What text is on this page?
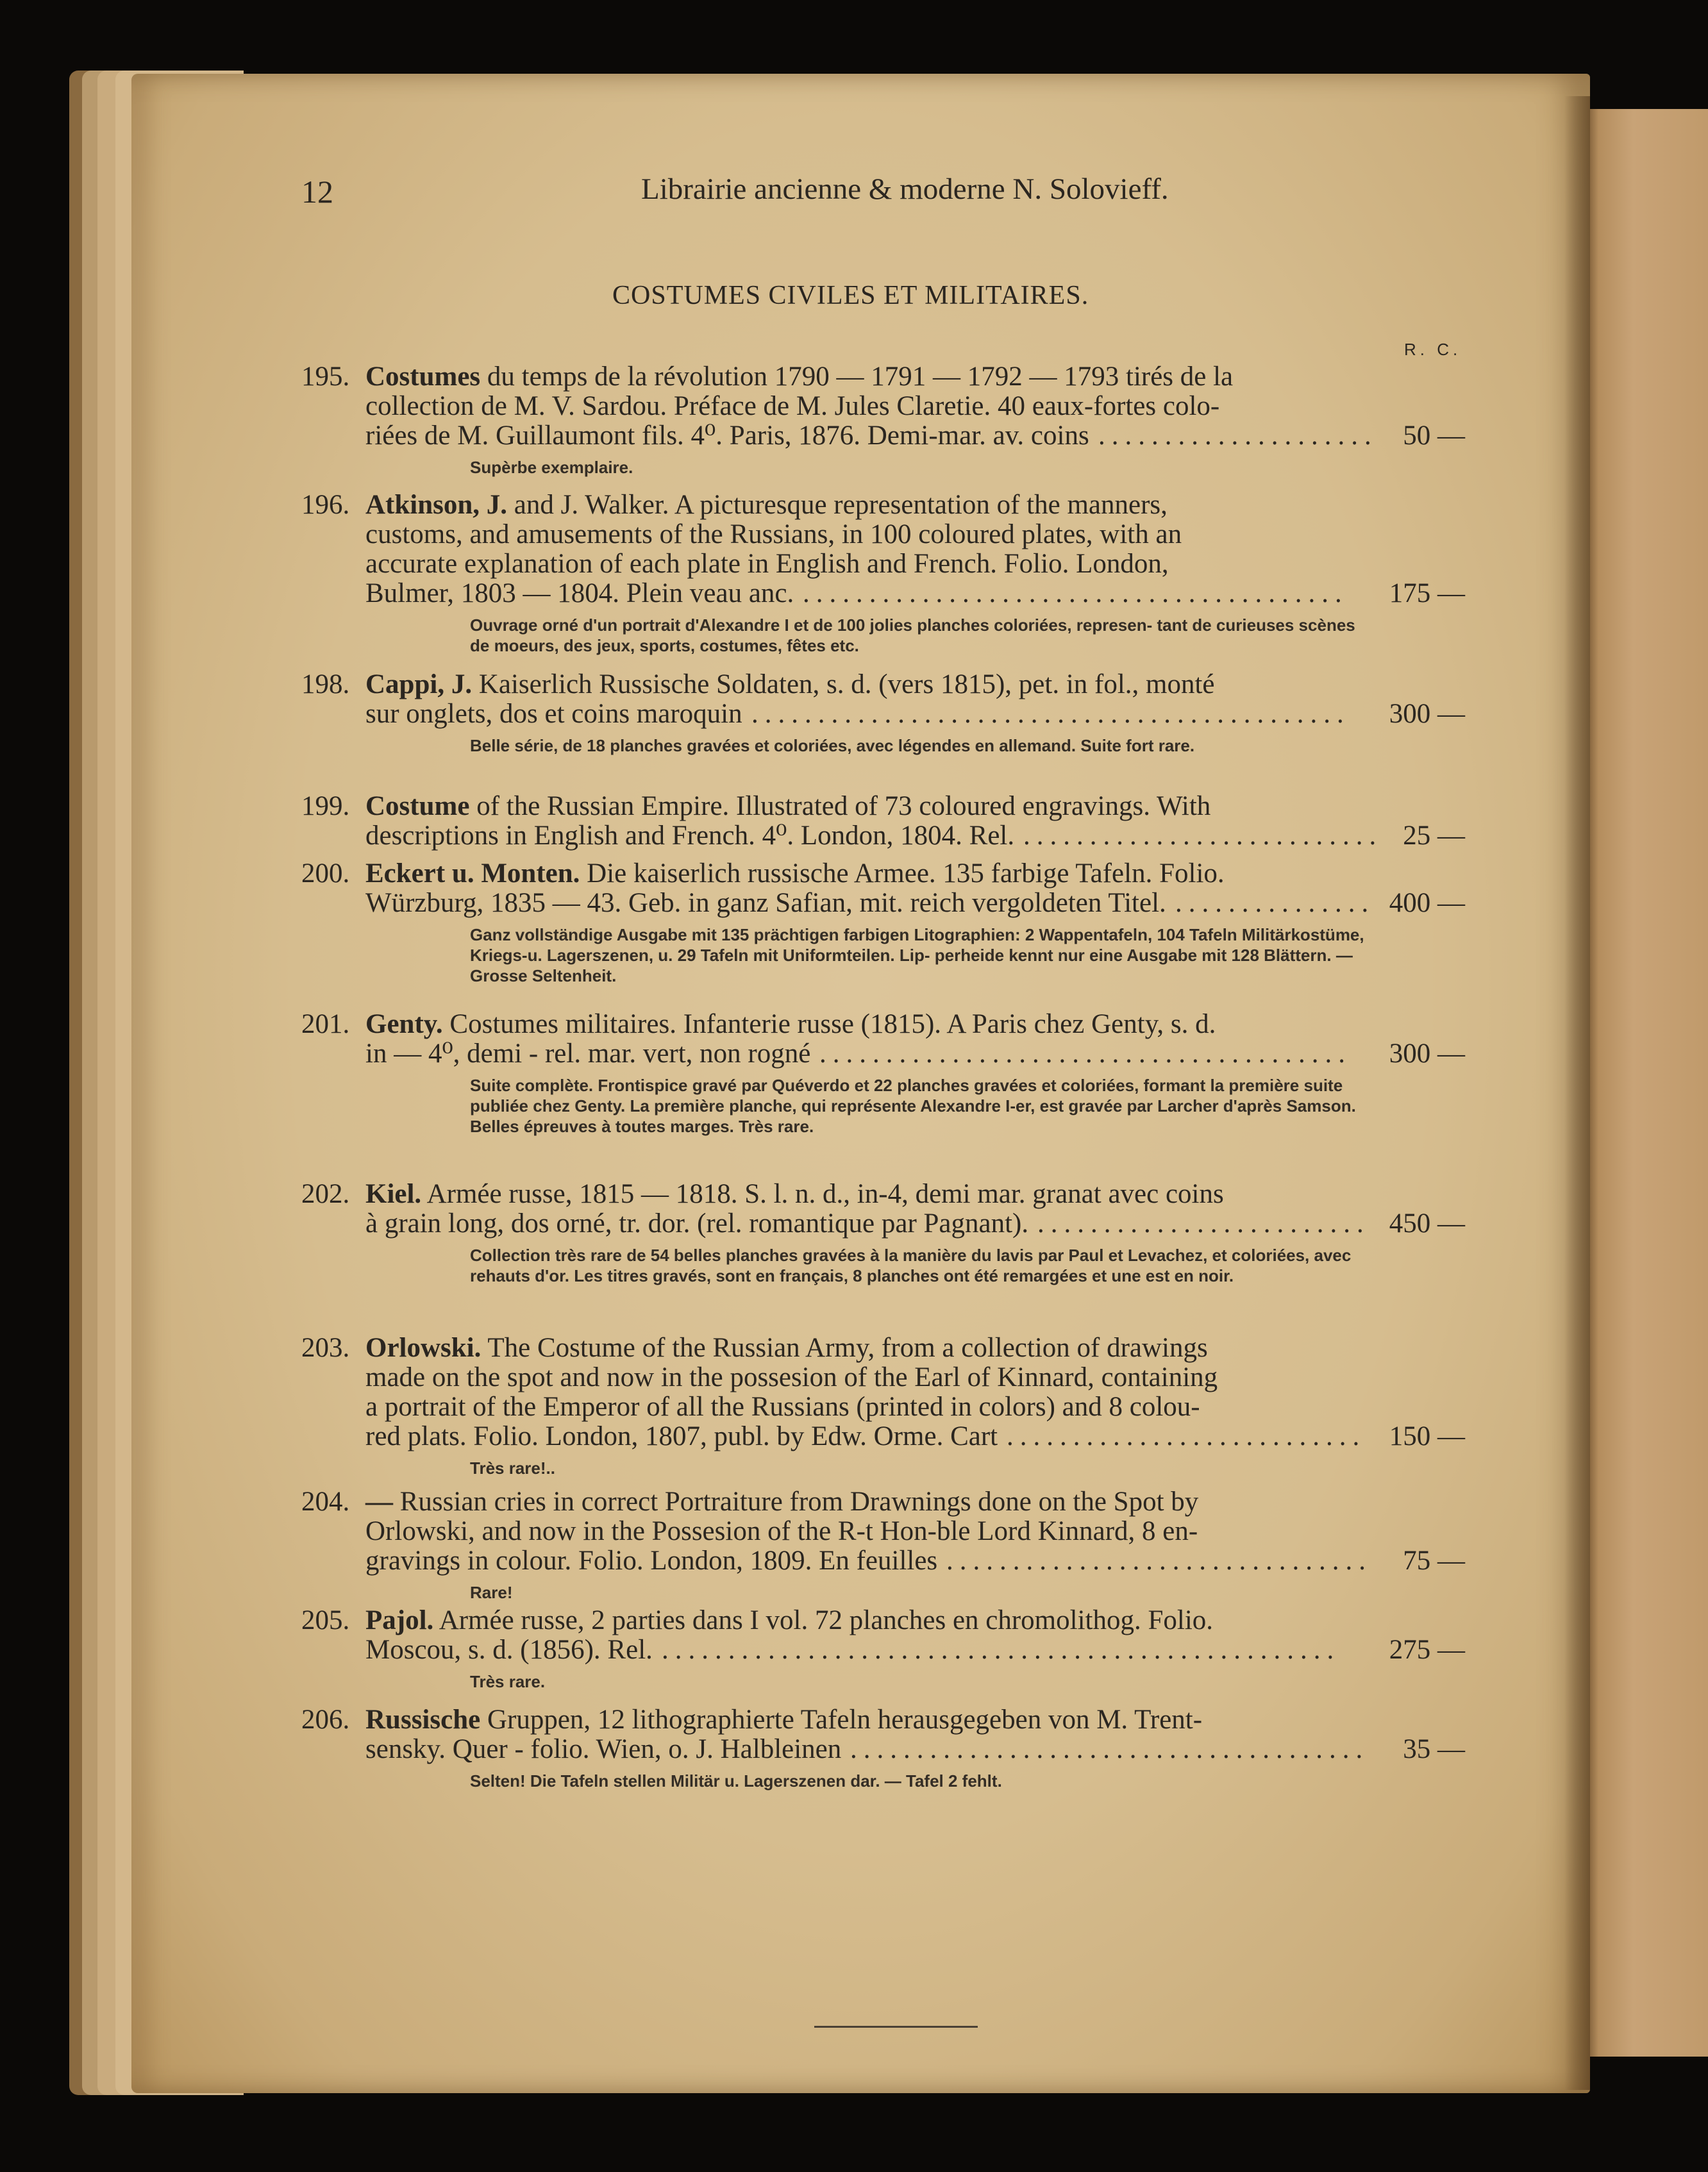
12	Librairie ancienne & moderne N. Solovieff.
COSTUMES CIVILES ET MILITAIRES.
R. C.
195. Costumes du temps de la révolution 1790 — 1791 — 1792 — 1793 tirés de la
collection de M. V. Sardou. Préface de M. Jules Claretie. 40 eaux-fortes colo-
riées de M. Guillaumont fils. 4⁰. Paris, 1876. Demi-mar. av. coins	50 —
.....................
Supèrbe exemplaire.
196. Atkinson, J. and J. Walker. A picturesque representation of the manners,
customs, and amusements of the Russians, in 100 coloured plates, with an
accurate explanation of each plate in English and French. Folio. London,
Bulmer, 1803 — 1804. Plein veau anc.	175 —
.........................................
Ouvrage orné d'un portrait d'Alexandre I et de 100 jolies planches coloriées, represen- tant de curieuses scènes de moeurs, des jeux, sports, costumes, fêtes etc.
198. Cappi, J. Kaiserlich Russische Soldaten, s. d. (vers 1815), pet. in fol., monté
sur onglets, dos et coins maroquin	300 —
.............................................
Belle série, de 18 planches gravées et coloriées, avec légendes en allemand. Suite fort rare.
199. Costume of the Russian Empire. Illustrated of 73 coloured engravings. With
descriptions in English and French. 4⁰. London, 1804. Rel.	25 —
...........................
200. Eckert u. Monten. Die kaiserlich russische Armee. 135 farbige Tafeln. Folio.
Würzburg, 1835 — 43. Geb. in ganz Safian, mit. reich vergoldeten Titel.	400 —
...............
Ganz vollständige Ausgabe mit 135 prächtigen farbigen Litographien: 2 Wappentafeln, 104 Tafeln Militärkostüme, Kriegs-u. Lagerszenen, u. 29 Tafeln mit Uniformteilen. Lip- perheide kennt nur eine Ausgabe mit 128 Blättern. — Grosse Seltenheit.
201. Genty. Costumes militaires. Infanterie russe (1815). A Paris chez Genty, s. d.
in — 4⁰, demi - rel. mar. vert, non rogné	300 —
........................................
Suite complète. Frontispice gravé par Quéverdo et 22 planches gravées et coloriées, formant la première suite publiée chez Genty. La première planche, qui représente Alexandre I-er, est gravée par Larcher d'après Samson. Belles épreuves à toutes marges. Très rare.
202. Kiel. Armée russe, 1815 — 1818. S. l. n. d., in-4, demi mar. granat avec coins
à grain long, dos orné, tr. dor. (rel. romantique par Pagnant).	450 —
.........................
Collection très rare de 54 belles planches gravées à la manière du lavis par Paul et Levachez, et coloriées, avec rehauts d'or. Les titres gravés, sont en français, 8 planches ont été remargées et une est en noir.
203. Orlowski. The Costume of the Russian Army, from a collection of drawings
made on the spot and now in the possesion of the Earl of Kinnard, containing
a portrait of the Emperor of all the Russians (printed in colors) and 8 colou-
red plats. Folio. London, 1807, publ. by Edw. Orme. Cart	150 —
...........................
Très rare!..
204. — Russian cries in correct Portraiture from Drawnings done on the Spot by
Orlowski, and now in the Possesion of the R-t Hon-ble Lord Kinnard, 8 en-
gravings in colour. Folio. London, 1809. En feuilles	75 —
................................
Rare!
205. Pajol. Armée russe, 2 parties dans I vol. 72 planches en chromolithog. Folio.
Moscou, s. d. (1856). Rel.	275 —
...................................................
Très rare.
206. Russische Gruppen, 12 lithographierte Tafeln herausgegeben von M. Trent-
sensky. Quer - folio. Wien, o. J. Halbleinen	35 —
.......................................
Selten! Die Tafeln stellen Militär u. Lagerszenen dar. — Tafel 2 fehlt.
